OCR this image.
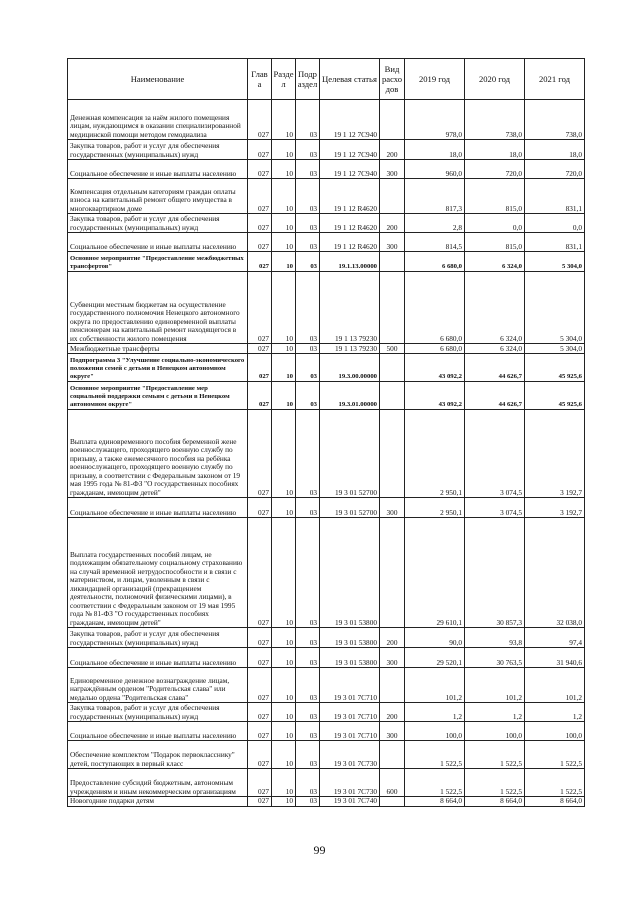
Наименование	Глав а	Разде л	Подр аздел	Целевая статья	Вид расхо дов	2019 год	2020 год	2021 год
Денежная компенсация за наём жилого помещения лицам, нуждающимся в оказании специализированной медицинской помощи методом гемодиализа	027	10	03	19 1 12 7C940		978,0	738,0	738,0
Закупка товаров, работ и услуг для обеспечения государственных (муниципальных) нужд	027	10	03	19 1 12 7C940	200	18,0	18,0	18,0
Социальное обеспечение и иные выплаты населению	027	10	03	19 1 12 7C940	300	960,0	720,0	720,0
Компенсация отдельным категориям граждан оплаты взноса на капитальный ремонт общего имущества в многоквартирном доме	027	10	03	19 1 12 R4620		817,3	815,0	831,1
Закупка товаров, работ и услуг для обеспечения государственных (муниципальных) нужд	027	10	03	19 1 12 R4620	200	2,8	0,0	0,0
Социальное обеспечение и иные выплаты населению	027	10	03	19 1 12 R4620	300	814,5	815,0	831,1
Основное мероприятие "Предоставление межбюджетных трансфертов"	027	10	03	19.1.13.00000		6 680,0	6 324,0	5 304,0
Субвенции местным бюджетам на осуществление государственного полномочия Ненецкого автономного округа по предоставлению единовременной выплаты пенсионерам на капитальный ремонт находящегося в их собственности жилого помещения	027	10	03	19 1 13 79230		6 680,0	6 324,0	5 304,0
Межбюджетные трансферты	027	10	03	19 1 13 79230	500	6 680,0	6 324,0	5 304,0
Подпрограмма 3 "Улучшение социально-экономического положения семей с детьми в Ненецком автономном округе"	027	10	03	19.3.00.00000		43 092,2	44 626,7	45 925,6
Основное мероприятие "Предоставление мер социальной поддержки семьям с детьми в Ненецком автономном округе"	027	10	03	19.3.01.00000		43 092,2	44 626,7	45 925,6
Выплата единовременного пособия беременной жене военнослужащего, проходящего военную службу по призыву, а также ежемесячного пособия на ребёнка военнослужащего, проходящего военную службу по призыву, в соответствии с Федеральным законом от 19 мая 1995 года № 81-ФЗ "О государственных пособиях гражданам, имеющим детей"	027	10	03	19 3 01 52700		2 950,1	3 074,5	3 192,7
Социальное обеспечение и иные выплаты населению	027	10	03	19 3 01 52700	300	2 950,1	3 074,5	3 192,7
Выплата государственных пособий лицам, не подлежащим обязательному социальному страхованию на случай временной нетрудоспособности и в связи с материнством, и лицам, уволенным в связи с ликвидацией организаций (прекращением деятельности, полномочий физическими лицами), в соответствии с Федеральным законом от 19 мая 1995 года № 81-ФЗ "О государственных пособиях гражданам, имеющим детей"	027	10	03	19 3 01 53800		29 610,1	30 857,3	32 038,0
Закупка товаров, работ и услуг для обеспечения государственных (муниципальных) нужд	027	10	03	19 3 01 53800	200	90,0	93,8	97,4
Социальное обеспечение и иные выплаты населению	027	10	03	19 3 01 53800	300	29 520,1	30 763,5	31 940,6
Единовременное денежное вознаграждение лицам, награждённым орденом "Родительская слава" или медалью ордена "Родительская слава"	027	10	03	19 3 01 7С710		101,2	101,2	101,2
Закупка товаров, работ и услуг для обеспечения государственных (муниципальных) нужд	027	10	03	19 3 01 7С710	200	1,2	1,2	1,2
Социальное обеспечение и иные выплаты населению	027	10	03	19 3 01 7С710	300	100,0	100,0	100,0
Обеспечение комплектом "Подарок первокласснику" детей, поступающих в первый класс	027	10	03	19 3 01 7С730		1 522,5	1 522,5	1 522,5
Предоставление субсидий бюджетным, автономным учреждениям и иным некоммерческим организациям	027	10	03	19 3 01 7С730	600	1 522,5	1 522,5	1 522,5
Новогодние подарки детям	027	10	03	19 3 01 7С740		8 664,0	8 664,0	8 664,0
99
